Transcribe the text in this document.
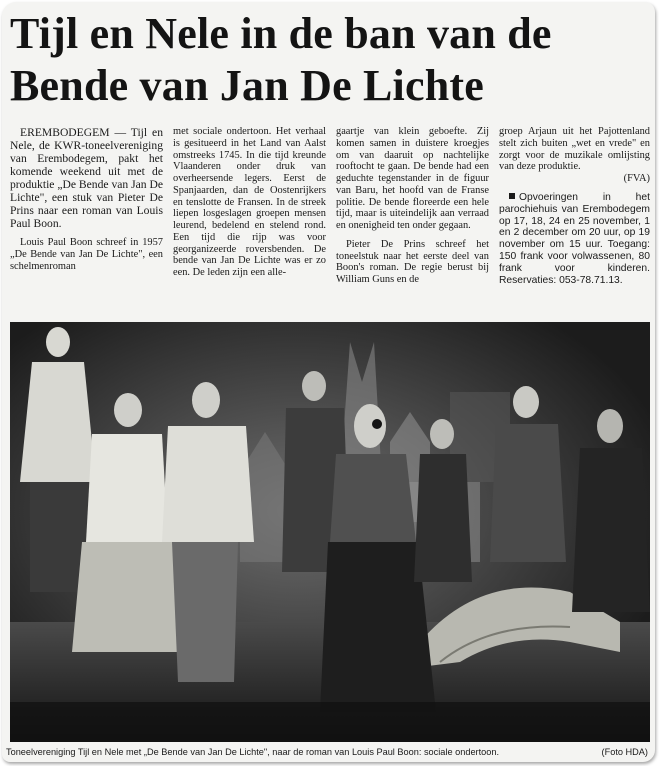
Tijl en Nele in de ban van de
Bende van Jan De Lichte

EREMBODEGEM — Tijl en Nele, de KWR-toneelvereniging van Erembodegem, pakt het komende weekend uit met de produktie „De Bende van Jan De Lichte", een stuk van Pieter De Prins naar een roman van Louis Paul Boon.

Louis Paul Boon schreef in 1957 „De Bende van Jan De Lichte", een schelmenroman

met sociale ondertoon. Het verhaal is gesitueerd in het Land van Aalst omstreeks 1745. In die tijd kreunde Vlaanderen onder druk van overheersende legers. Eerst de Spanjaarden, dan de Oostenrijkers en tenslotte de Fransen. In de streek liepen losgeslagen groepen mensen leurend, bedelend en stelend rond. Een tijd die rijp was voor georganizeerde roversbenden. De bende van Jan De Lichte was er zo een. De leden zijn een alle-

gaartje van klein geboefte. Zij komen samen in duistere kroegjes om van daaruit op nachtelijke rooftocht te gaan. De bende had een geduchte tegenstander in de figuur van Baru, het hoofd van de Franse politie. De bende floreerde een hele tijd, maar is uiteindelijk aan verraad en onenigheid ten onder gegaan.

Pieter De Prins schreef het toneelstuk naar het eerste deel van Boon's roman. De regie berust bij William Guns en de

groep Arjaun uit het Pajottenland stelt zich buiten „wet en vrede" en zorgt voor de muzikale omlijsting van deze produktie.

(FVA)

Opvoeringen in het parochiehuis van Erembodegem op 17, 18, 24 en 25 november, 1 en 2 december om 20 uur, op 19 november om 15 uur. Toegang: 150 frank voor volwassenen, 80 frank voor kinderen. Reservaties: 053-78.71.13.

Toneelvereniging Tijl en Nele met „De Bende van Jan De Lichte", naar de roman van Louis Paul Boon: sociale ondertoon.	(Foto HDA)
